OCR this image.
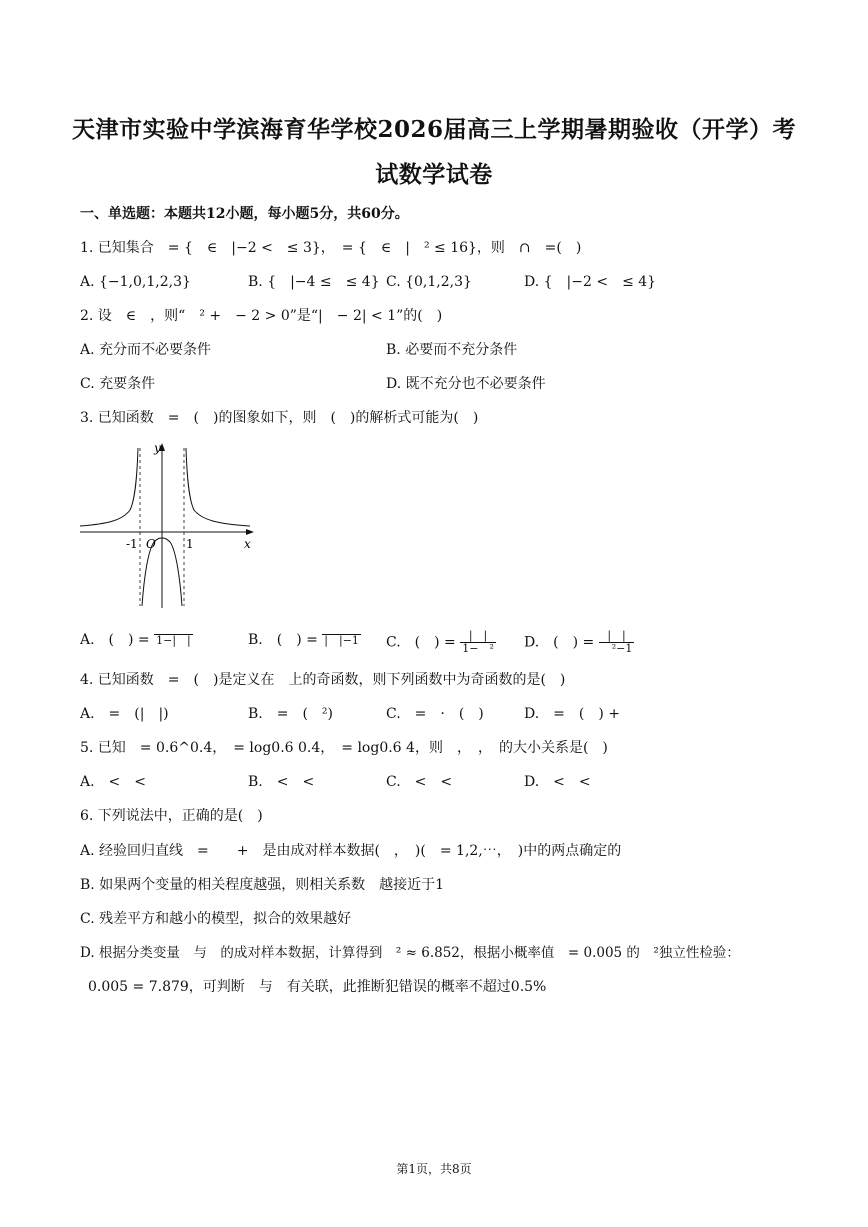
天津市实验中学滨海育华学校2026届高三上学期暑期验收（开学）考
试数学试卷
一、单选题：本题共12小题，每小题5分，共60分。
1. 已知集合　= {　∈　|−2 <　≤ 3}，　= {　∈　|　² ≤ 16}，则　∩　=(　)
A. {−1,0,1,2,3}	B. {　|−4 ≤　≤ 4} C. {0,1,2,3}	D. {　|−2 <　≤ 4}
2. 设　∈　，则“　² +　− 2 > 0”是“|　− 2| < 1”的(　)
A. 充分而不必要条件	B. 必要而不充分条件
C. 充要条件	D. 既不充分也不必要条件
3. 已知函数　=　(　)的图象如下，则　(　)的解析式可能为(　)
y
x
O
-1	1
A.　(　) = 1−|　|	B.　(　) = |　|−1 C.　(　) = $\frac{| |}{\text{1−　²}} D$.　(　) = $\frac{| |}{\text{²−1}}$
4. 已知函数　=　(　)是定义在　上的奇函数，则下列函数中为奇函数的是(　)
A.　=　(|　|)	B.　=　(　²)	C.　=　·　(　)	D.　=　(　) +
5. 已知　= 0.6^0.4，　= log0.6 0.4，　= log0.6 4，则　，　，　的大小关系是(　)
A.　<　<	B.　<　<	C.　<　<	D.　<　<
6. 下列说法中，正确的是(　)
A. 经验回归直线　=　　+　是由成对样本数据(　，　)(　= 1,2,⋯，　)中的两点确定的
B. 如果两个变量的相关程度越强，则相关系数　越接近于1
C. 残差平方和越小的模型，拟合的效果越好
D. 根据分类变量　与　的成对样本数据，计算得到　² ≈ 6.852，根据小概率值　= 0.005 的　²独立性检验：
0.005 = 7.879，可判断　与　有关联，此推断犯错误的概率不超过0.5%
第1页，共8页
